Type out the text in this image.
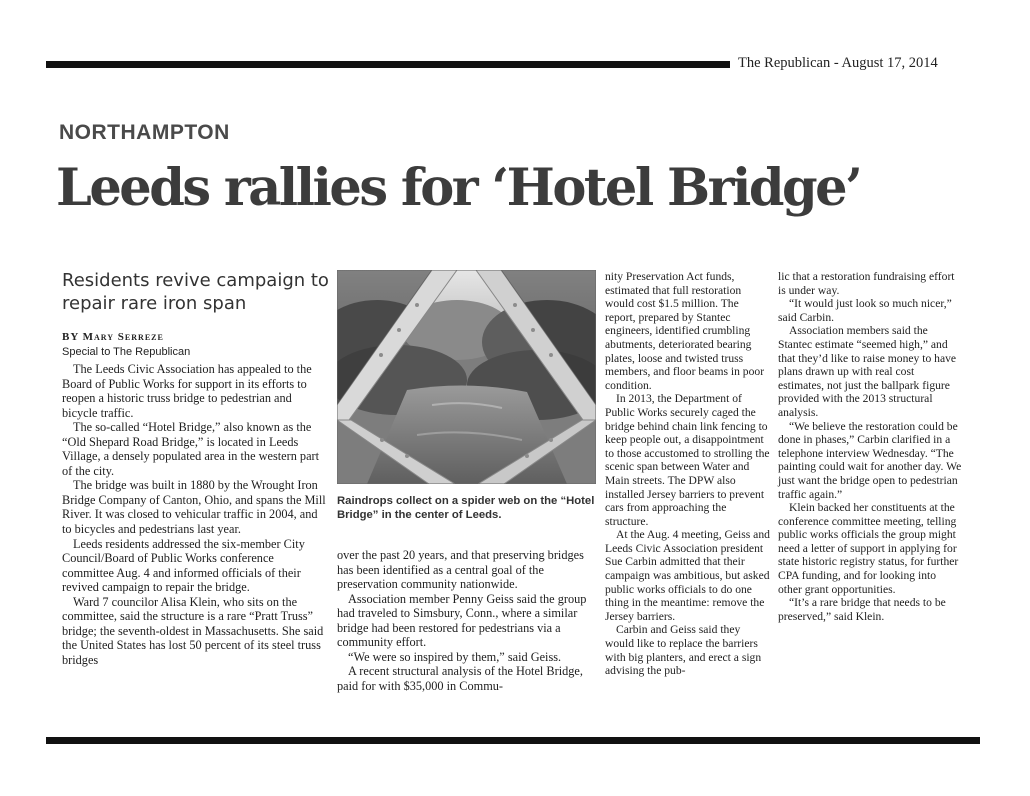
The Republican - August 17, 2014
NORTHAMPTON
Leeds rallies for ‘Hotel Bridge’
Residents revive campaign to repair rare iron span
BY Mary Serreze
Special to The Republican
Raindrops collect on a spider web on the “Hotel Bridge” in the center of Leeds.

The Leeds Civic Association has appealed to the Board of Public Works for support in its efforts to reopen a historic truss bridge to pedestrian and bicycle traffic.

The so-called “Hotel Bridge,” also known as the “Old Shepard Road Bridge,” is located in Leeds Village, a densely populated area in the western part of the city.

The bridge was built in 1880 by the Wrought Iron Bridge Company of Canton, Ohio, and spans the Mill River. It was closed to vehicular traffic in 2004, and to bicycles and pedestrians last year.

Leeds residents addressed the six-member City Council/Board of Public Works conference committee Aug. 4 and informed officials of their revived campaign to repair the bridge.

Ward 7 councilor Alisa Klein, who sits on the committee, said the structure is a rare “Pratt Truss” bridge; the seventh-oldest in Massachusetts. She said the United States has lost 50 percent of its steel truss bridges

over the past 20 years, and that preserving bridges has been identified as a central goal of the preservation community nationwide.

Association member Penny Geiss said the group had traveled to Simsbury, Conn., where a similar bridge had been restored for pedestrians via a community effort.

“We were so inspired by them,” said Geiss.

A recent structural analysis of the Hotel Bridge, paid for with $35,000 in Commu-

nity Preservation Act funds, estimated that full restoration would cost $1.5 million. The report, prepared by Stantec engineers, identified crumbling abutments, deteriorated bearing plates, loose and twisted truss members, and floor beams in poor condition.

In 2013, the Department of Public Works securely caged the bridge behind chain link fencing to keep people out, a disappointment to those accustomed to strolling the scenic span between Water and Main streets. The DPW also installed Jersey barriers to prevent cars from approaching the structure.

At the Aug. 4 meeting, Geiss and Leeds Civic Association president Sue Carbin admitted that their campaign was ambitious, but asked public works officials to do one thing in the meantime: remove the Jersey barriers.

Carbin and Geiss said they would like to replace the barriers with big planters, and erect a sign advising the pub-

lic that a restoration fundraising effort is under way.

“It would just look so much nicer,” said Carbin.

Association members said the Stantec estimate “seemed high,” and that they’d like to raise money to have plans drawn up with real cost estimates, not just the ballpark figure provided with the 2013 structural analysis.

“We believe the restoration could be done in phases,” Carbin clarified in a telephone interview Wednesday. “The painting could wait for another day. We just want the bridge open to pedestrian traffic again.”

Klein backed her constituents at the conference committee meeting, telling public works officials the group might need a letter of support in applying for state historic registry status, for further CPA funding, and for looking into other grant opportunities.

“It’s a rare bridge that needs to be preserved,” said Klein.
